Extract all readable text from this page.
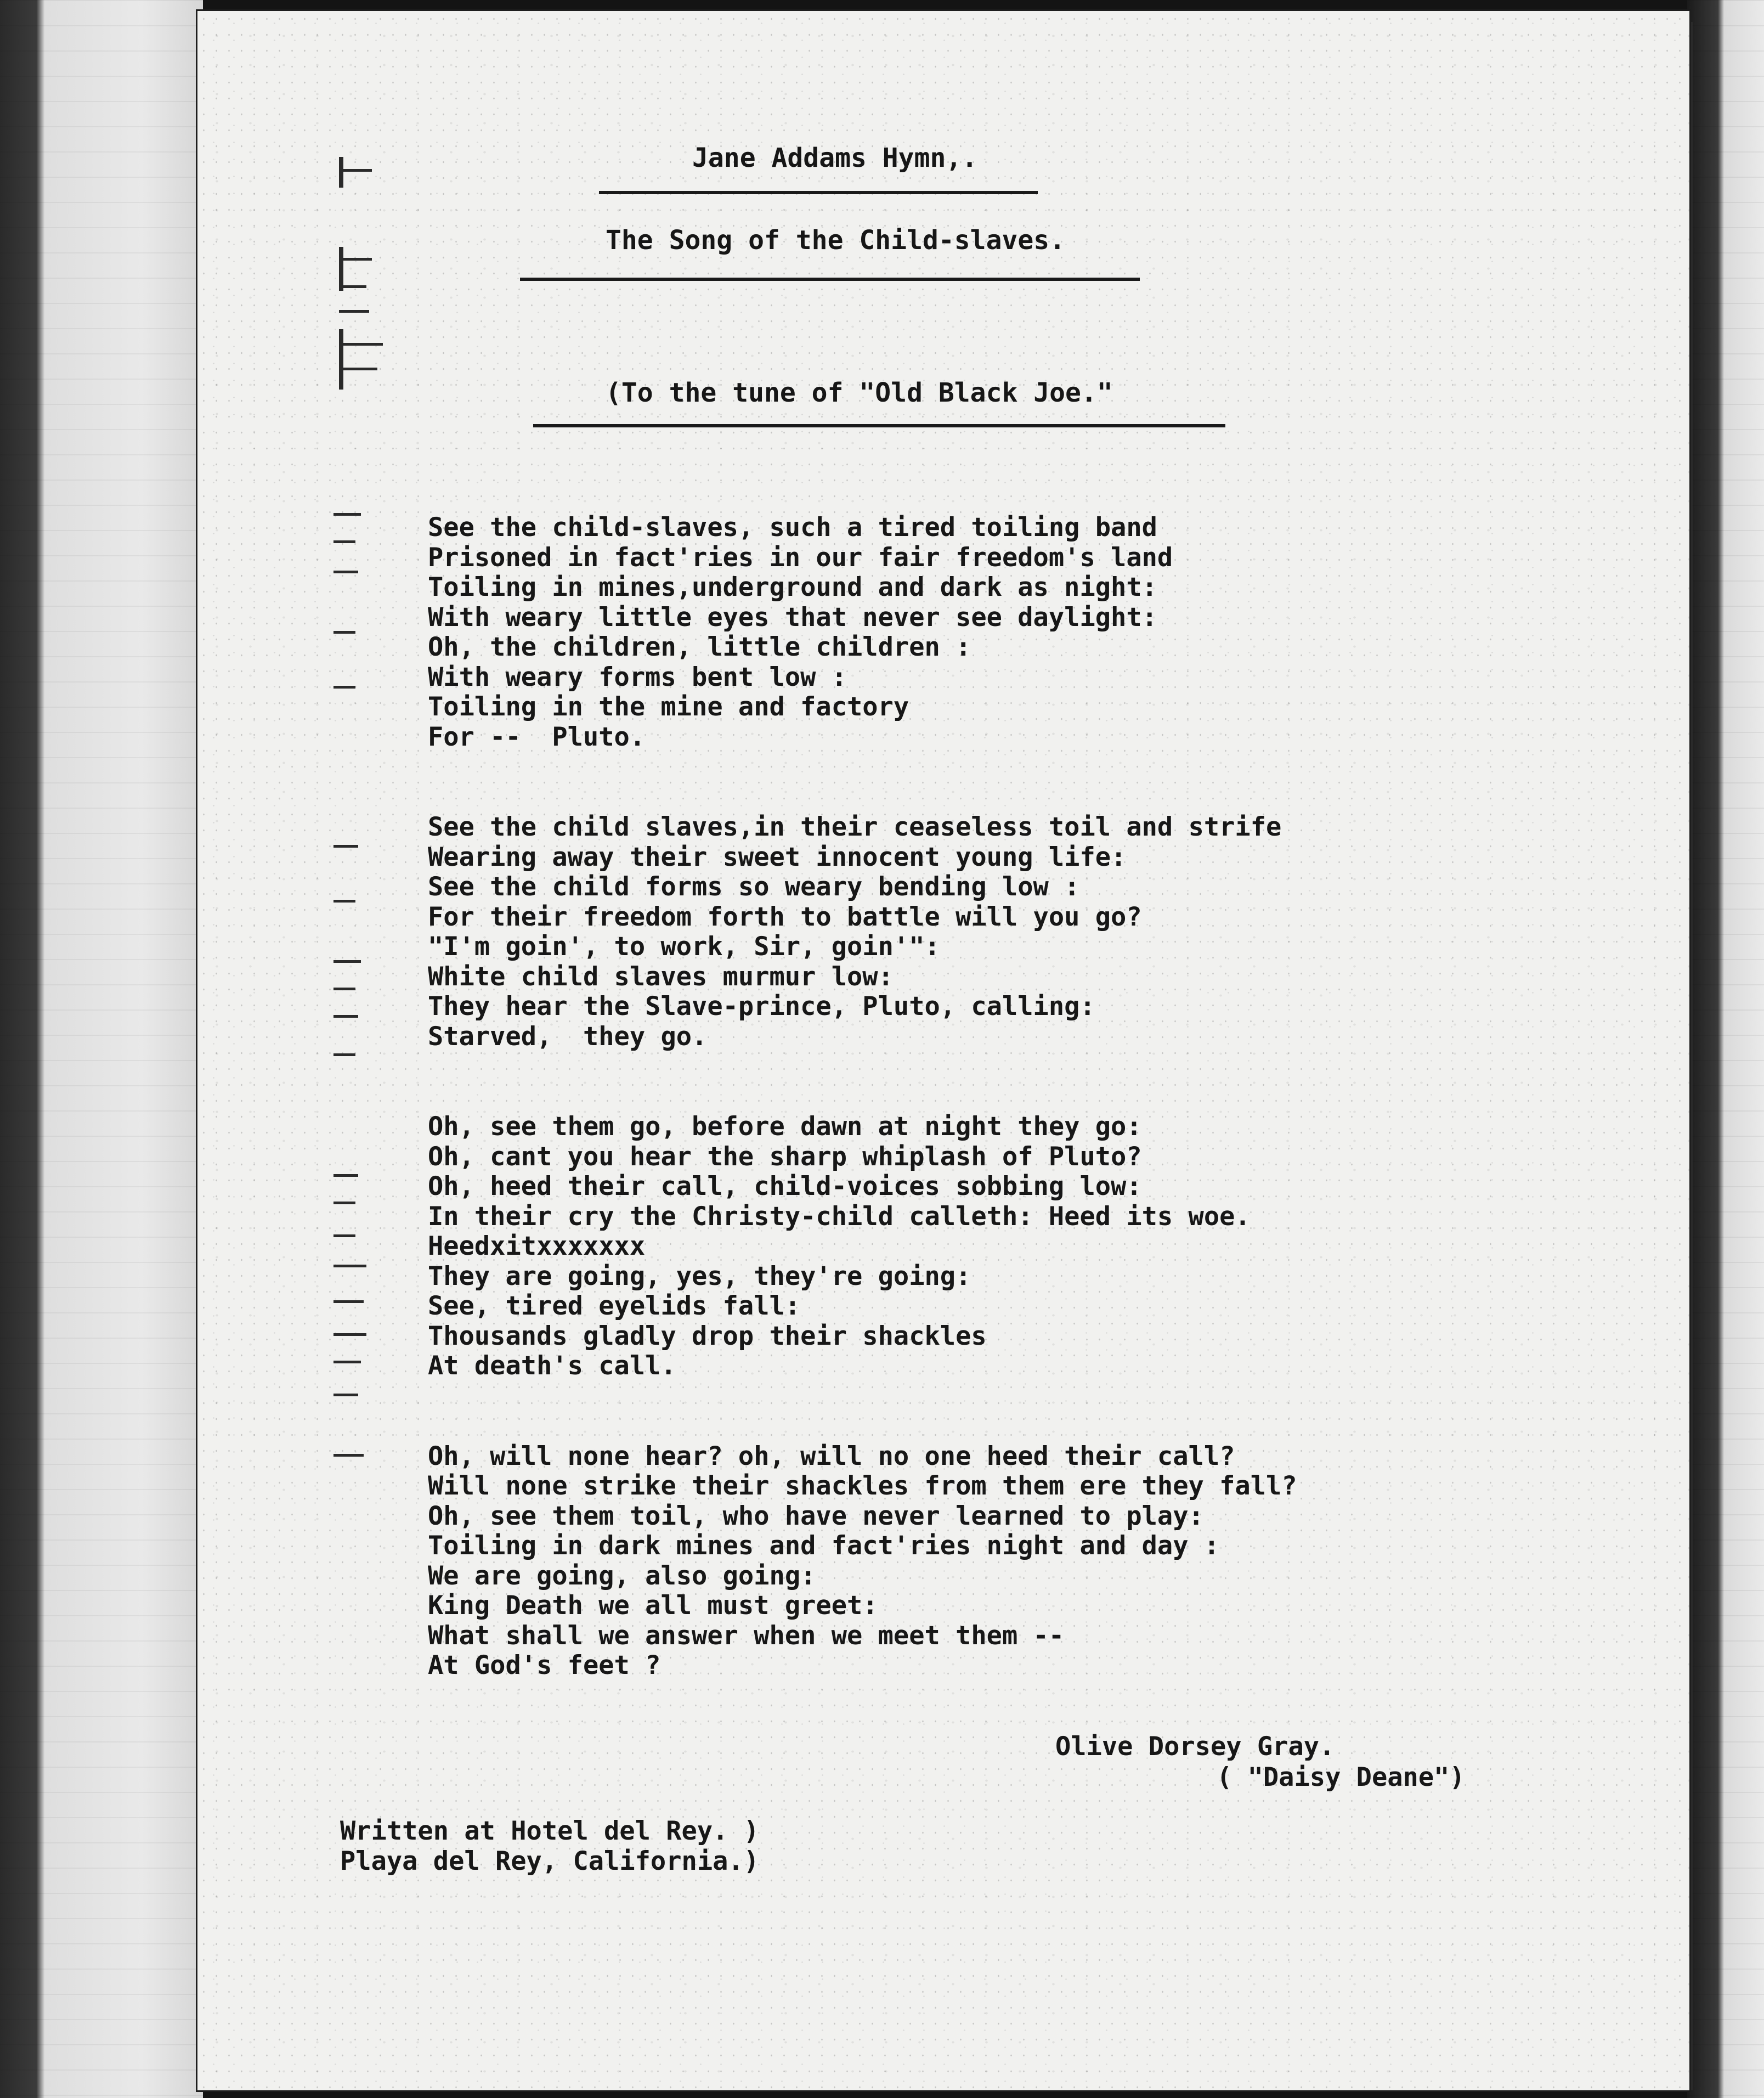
Jane Addams Hymn,.
The Song of the Child-slaves.
(To the tune of "Old Black Joe."
See the child-slaves, such a tired toiling band
Prisoned in fact'ries in our fair freedom's land
Toiling in mines,underground and dark as night:
With weary little eyes that never see daylight:
Oh, the children, little children :
With weary forms bent low :
Toiling in the mine and factory
For --  Pluto.
See the child slaves,in their ceaseless toil and strife
Wearing away their sweet innocent young life:
See the child forms so weary bending low :
For their freedom forth to battle will you go?
"I'm goin', to work, Sir, goin'":
White child slaves murmur low:
They hear the Slave-prince, Pluto, calling:
Starved,  they go.
Oh, see them go, before dawn at night they go:
Oh, cant you hear the sharp whiplash of Pluto?
Oh, heed their call, child-voices sobbing low:
In their cry the Christy-child calleth: Heed its woe.
Heedxitxxxxxxx
They are going, yes, they're going:
See, tired eyelids fall:
Thousands gladly drop their shackles
At death's call.
Oh, will none hear? oh, will no one heed their call?
Will none strike their shackles from them ere they fall?
Oh, see them toil, who have never learned to play:
Toiling in dark mines and fact'ries night and day :
We are going, also going:
King Death we all must greet:
What shall we answer when we meet them --
At God's feet ?
Olive Dorsey Gray.
( "Daisy Deane")
Written at Hotel del Rey. )
Playa del Rey, California.)
